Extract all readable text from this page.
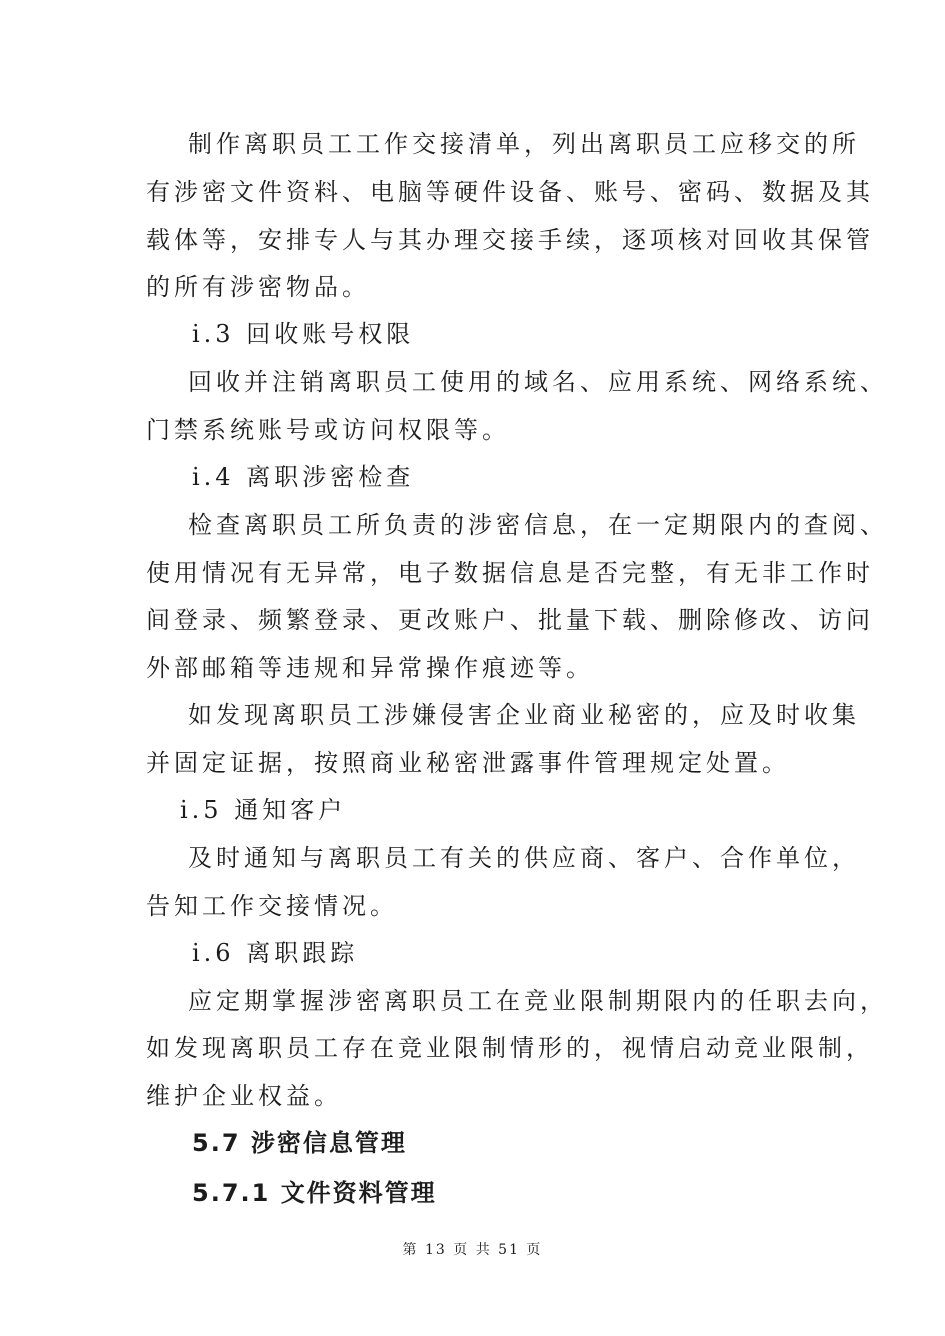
制作离职员工工作交接清单，列出离职员工应移交的所
有涉密文件资料、电脑等硬件设备、账号、密码、数据及其
载体等，安排专人与其办理交接手续，逐项核对回收其保管
的所有涉密物品。
i.3 回收账号权限
回收并注销离职员工使用的域名、应用系统、网络系统、
门禁系统账号或访问权限等。
i.4 离职涉密检查
检查离职员工所负责的涉密信息，在一定期限内的查阅、
使用情况有无异常，电子数据信息是否完整，有无非工作时
间登录、频繁登录、更改账户、批量下载、删除修改、访问
外部邮箱等违规和异常操作痕迹等。
如发现离职员工涉嫌侵害企业商业秘密的，应及时收集
并固定证据，按照商业秘密泄露事件管理规定处置。
i.5 通知客户
及时通知与离职员工有关的供应商、客户、合作单位，
告知工作交接情况。
i.6 离职跟踪
应定期掌握涉密离职员工在竞业限制期限内的任职去向，
如发现离职员工存在竞业限制情形的，视情启动竞业限制，
维护企业权益。
5.7 涉密信息管理
5.7.1 文件资料管理
第 13 页 共 51 页
